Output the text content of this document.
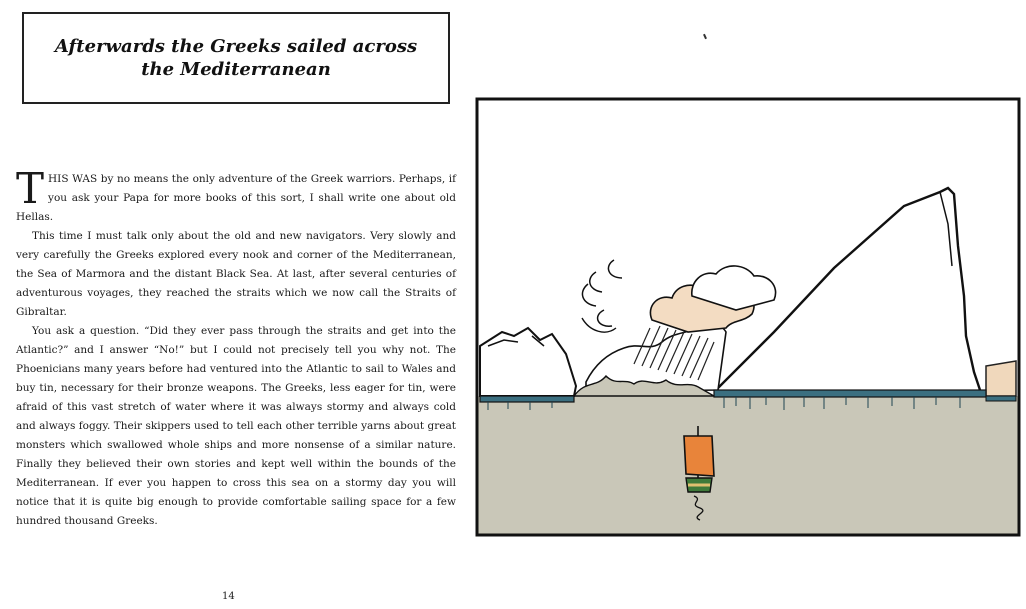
Afterwards the Greeks sailed across the Mediterranean

T HIS WAS by no means the only adventure of the Greek warriors. Perhaps, if you ask your Papa for more books of this sort, I shall write one about old Hellas.

This time I must talk only about the old and new navigators. Very slowly and very carefully the Greeks explored every nook and corner of the Mediterranean, the Sea of Marmora and the distant Black Sea. At last, after several centuries of adventurous voyages, they reached the straits which we now call the Straits of Gibraltar.

You ask a question. “Did they ever pass through the straits and get into the Atlantic?” and I answer “No!” but I could not precisely tell you why not. The Phoenicians many years before had ventured into the Atlantic to sail to Wales and buy tin, necessary for their bronze weapons. The Greeks, less eager for tin, were afraid of this vast stretch of water where it was always stormy and always cold and always foggy. Their skippers used to tell each other terrible yarns about great monsters which swallowed whole ships and more nonsense of a similar nature. Finally they believed their own stories and kept well within the bounds of the Mediterranean. If ever you happen to cross this sea on a stormy day you will notice that it is quite big enough to provide comfortable sailing space for a few hundred thousand Greeks.

14
